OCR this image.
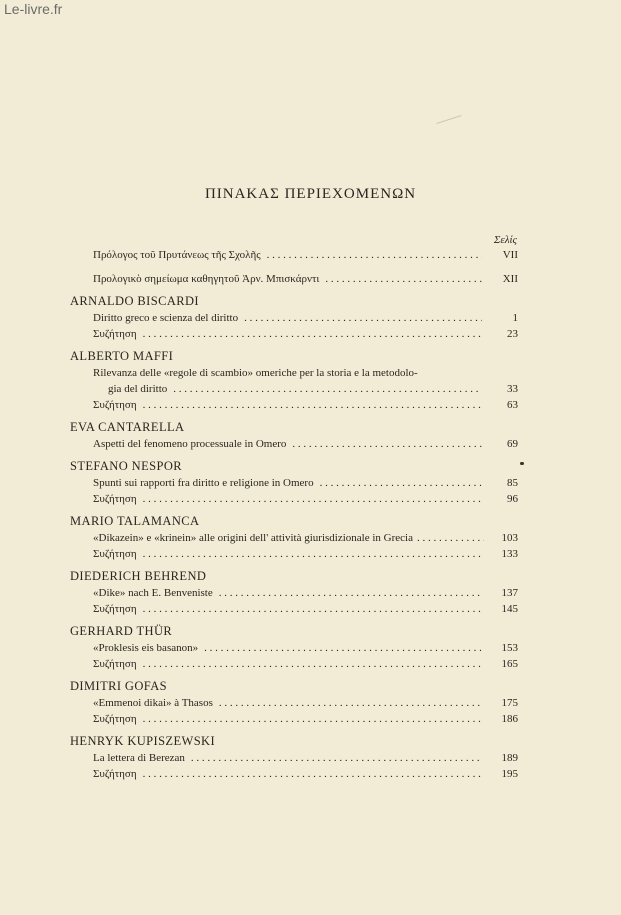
Le-livre.fr
ΠΙΝΑΚΑΣ ΠΕΡΙΕΧΟΜΕΝΩΝ
Σελίς
Πρόλογος τοῦ Πρυτάνεως τῆς Σχολῆς . . .	VII
Προλογικὸ σημείωμα καθηγητοῦ Ἀρν. Μπισκάρντι . . .	XII
ARNALDO BISCARDI
Diritto greco e scienza del diritto . . .	1
Συζήτηση . . .	23
ALBERTO MAFFI
Rilevanza delle «regole di scambio» omeriche per la storia e la metodolo-
gia del diritto . . .	33
Συζήτηση . . .	63
EVA CANTARELLA
Aspetti del fenomeno processuale in Omero . . .	69
STEFANO NESPOR
Spunti sui rapporti fra diritto e religione in Omero . . .	85
Συζήτηση . . .	96
MARIO TALAMANCA
«Dikazein» e «krinein» alle origini dell' attività giurisdizionale in Grecia . . .	103
Συζήτηση . . .	133
DIEDERICH BEHREND
«Dike» nach E. Benveniste . . .	137
Συζήτηση . . .	145
GERHARD THÜR
«Proklesis eis basanon» . . .	153
Συζήτηση . . .	165
DIMITRI GOFAS
«Emmenoi dikai» à Thasos . . .	175
Συζήτηση . . .	186
HENRYK KUPISZEWSKI
La lettera di Berezan . . .	189
Συζήτηση . . .	195
